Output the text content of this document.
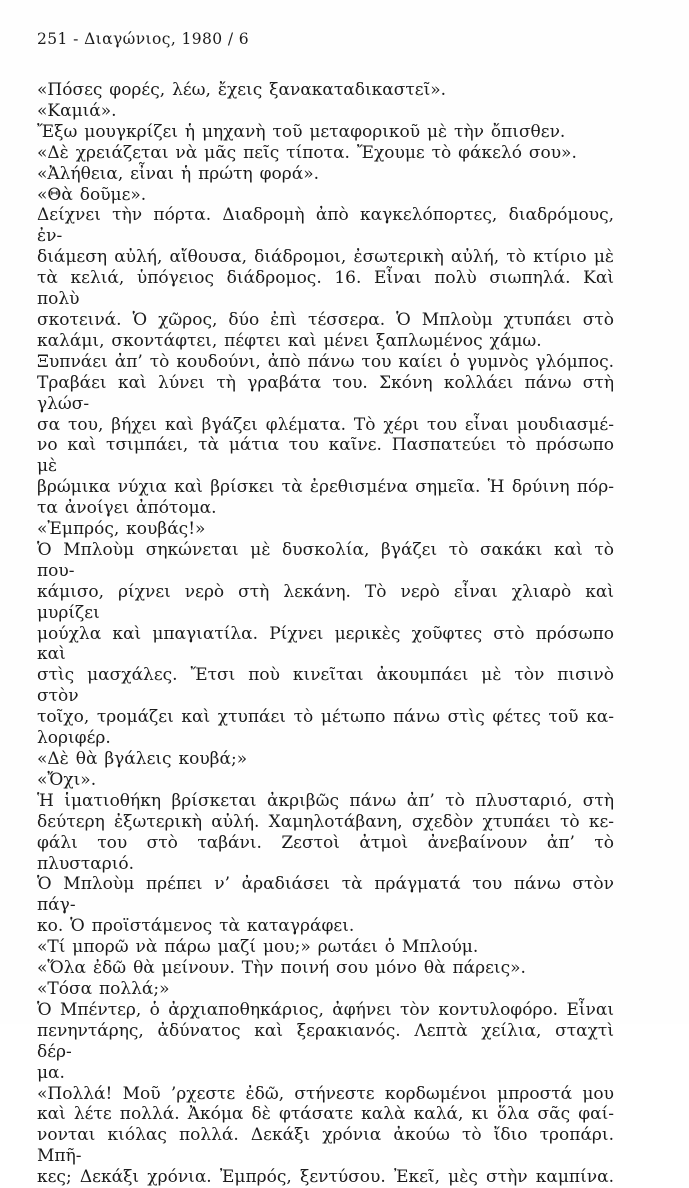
251 - Διαγώνιος, 1980 / 6
«Πόσες φορές, λέω, ἔχεις ξανακαταδικαστεῖ».
«Καμιά».
Ἔξω μουγκρίζει ἡ μηχανὴ τοῦ μεταφορικοῦ μὲ τὴν ὄπισθεν.
«Δὲ χρειάζεται νὰ μᾶς πεῖς τίποτα. Ἔχουμε τὸ φάκελό σου».
«Ἀλήθεια, εἶναι ἡ πρώτη φορά».
«Θὰ δοῦμε».
Δείχνει τὴν πόρτα. Διαδρομὴ ἀπὸ καγκελόπορτες, διαδρόμους, ἐν-
διάμεση αὐλή, αἴθουσα, διάδρομοι, ἐσωτερικὴ αὐλή, τὸ κτίριο μὲ
τὰ κελιά, ὑπόγειος διάδρομος. 16. Εἶναι πολὺ σιωπηλά. Καὶ πολὺ
σκοτεινά. Ὁ χῶρος, δύο ἐπὶ τέσσερα. Ὁ Μπλοὺμ χτυπάει στὸ
καλάμι, σκοντάφτει, πέφτει καὶ μένει ξαπλωμένος χάμω.
Ξυπνάει ἀπ’ τὸ κουδούνι, ἀπὸ πάνω του καίει ὁ γυμνὸς γλόμπος.
Τραβάει καὶ λύνει τὴ γραβάτα του. Σκόνη κολλάει πάνω στὴ γλώσ-
σα του, βήχει καὶ βγάζει φλέματα. Τὸ χέρι του εἶναι μουδιασμέ-
νο καὶ τσιμπάει, τὰ μάτια του καῖνε. Πασπατεύει τὸ πρόσωπο μὲ
βρώμικα νύχια καὶ βρίσκει τὰ ἐρεθισμένα σημεῖα. Ἡ δρύινη πόρ-
τα ἀνοίγει ἀπότομα.
«Ἐμπρός, κουβάς!»
Ὁ Μπλοὺμ σηκώνεται μὲ δυσκολία, βγάζει τὸ σακάκι καὶ τὸ που-
κάμισο, ρίχνει νερὸ στὴ λεκάνη. Τὸ νερὸ εἶναι χλιαρὸ καὶ μυρίζει
μούχλα καὶ μπαγιατίλα. Ρίχνει μερικὲς χοῦφτες στὸ πρόσωπο καὶ
στὶς μασχάλες. Ἔτσι ποὺ κινεῖται ἀκουμπάει μὲ τὸν πισινὸ στὸν
τοῖχο, τρομάζει καὶ χτυπάει τὸ μέτωπο πάνω στὶς φέτες τοῦ κα-
λοριφέρ.
«Δὲ θὰ βγάλεις κουβά;»
«Ὄχι».
Ἡ ἱματιοθήκη βρίσκεται ἀκριβῶς πάνω ἀπ’ τὸ πλυσταριό, στὴ
δεύτερη ἐξωτερικὴ αὐλή. Χαμηλοτάβανη, σχεδὸν χτυπάει τὸ κε-
φάλι του στὸ ταβάνι. Ζεστοὶ ἀτμοὶ ἀνεβαίνουν ἀπ’ τὸ πλυσταριό.
Ὁ Μπλοὺμ πρέπει ν’ ἀραδιάσει τὰ πράγματά του πάνω στὸν πάγ-
κο. Ὁ προϊστάμενος τὰ καταγράφει.
«Τί μπορῶ νὰ πάρω μαζί μου;» ρωτάει ὁ Μπλούμ.
«Ὅλα ἐδῶ θὰ μείνουν. Τὴν ποινή σου μόνο θὰ πάρεις».
«Τόσα πολλά;»
Ὁ Μπέντερ, ὁ ἀρχιαποθηκάριος, ἀφήνει τὸν κοντυλοφόρο. Εἶναι
πενηντάρης, ἀδύνατος καὶ ξερακιανός. Λεπτὰ χείλια, σταχτὶ δέρ-
μα.
«Πολλά! Μοῦ ’ρχεστε ἐδῶ, στήνεστε κορδωμένοι μπροστά μου
καὶ λέτε πολλά. Ἀκόμα δὲ φτάσατε καλὰ καλά, κι ὅλα σᾶς φαί-
νονται κιόλας πολλά. Δεκάξι χρόνια ἀκούω τὸ ἴδιο τροπάρι. Μπῆ-
κες; Δεκάξι χρόνια. Ἐμπρός, ξεντύσου. Ἐκεῖ, μὲς στὴν καμπίνα.
